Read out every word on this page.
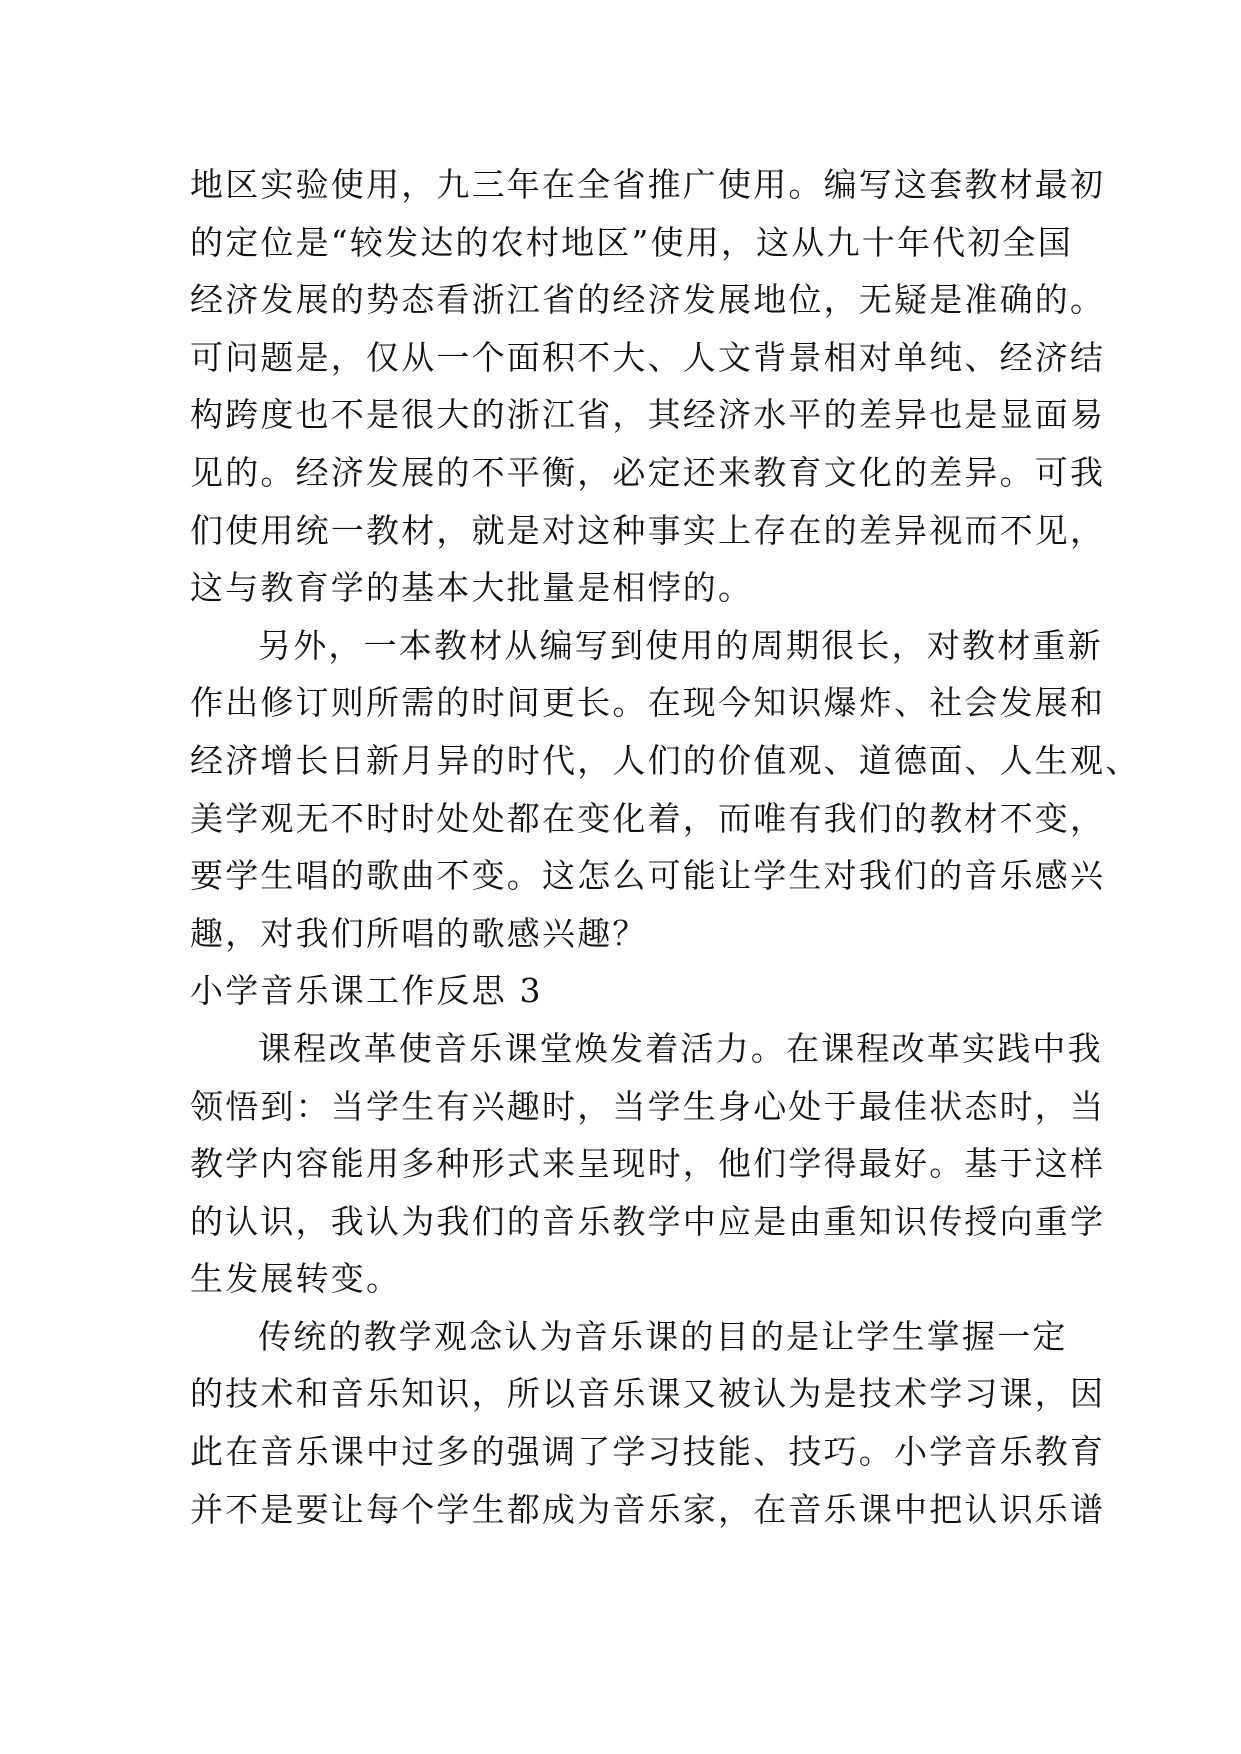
地区实验使用，九三年在全省推广使用。编写这套教材最初
的定位是“较发达的农村地区”使用，这从九十年代初全国
经济发展的势态看浙江省的经济发展地位，无疑是准确的。
可问题是，仅从一个面积不大、人文背景相对单纯、经济结
构跨度也不是很大的浙江省，其经济水平的差异也是显面易
见的。经济发展的不平衡，必定还来教育文化的差异。可我
们使用统一教材，就是对这种事实上存在的差异视而不见，
这与教育学的基本大批量是相悖的。
另外，一本教材从编写到使用的周期很长，对教材重新
作出修订则所需的时间更长。在现今知识爆炸、社会发展和
经济增长日新月异的时代，人们的价值观、道德面、人生观、
美学观无不时时处处都在变化着，而唯有我们的教材不变，
要学生唱的歌曲不变。这怎么可能让学生对我们的音乐感兴
趣，对我们所唱的歌感兴趣？
小学音乐课工作反思 3
课程改革使音乐课堂焕发着活力。在课程改革实践中我
领悟到：当学生有兴趣时，当学生身心处于最佳状态时，当
教学内容能用多种形式来呈现时，他们学得最好。基于这样
的认识，我认为我们的音乐教学中应是由重知识传授向重学
生发展转变。
传统的教学观念认为音乐课的目的是让学生掌握一定
的技术和音乐知识，所以音乐课又被认为是技术学习课，因
此在音乐课中过多的强调了学习技能、技巧。小学音乐教育
并不是要让每个学生都成为音乐家，在音乐课中把认识乐谱
